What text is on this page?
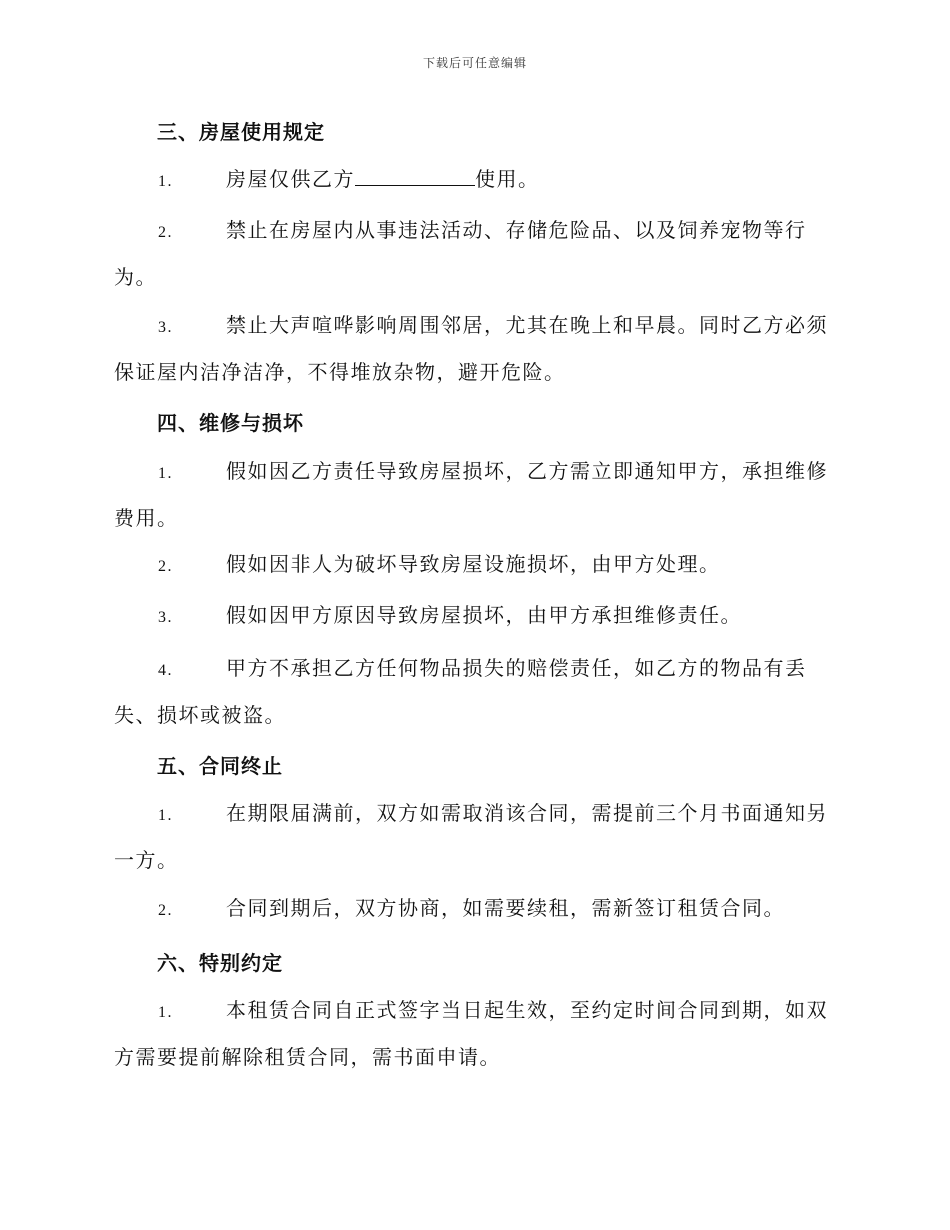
下载后可任意编辑
三、房屋使用规定
1.	房屋仅供乙方	使用。
2.	禁止在房屋内从事违法活动、存储危险品、以及饲养宠物等行为。
3.	禁止大声喧哗影响周围邻居，尤其在晚上和早晨。同时乙方必须保证屋内洁净洁净，不得堆放杂物，避开危险。
四、维修与损坏
1.	假如因乙方责任导致房屋损坏，乙方需立即通知甲方，承担维修费用。
2.	假如因非人为破坏导致房屋设施损坏，由甲方处理。
3.	假如因甲方原因导致房屋损坏，由甲方承担维修责任。
4.	甲方不承担乙方任何物品损失的赔偿责任，如乙方的物品有丢失、损坏或被盗。
五、合同终止
1.	在期限届满前，双方如需取消该合同，需提前三个月书面通知另一方。
2.	合同到期后，双方协商，如需要续租，需新签订租赁合同。
六、特别约定
1.	本租赁合同自正式签字当日起生效，至约定时间合同到期，如双方需要提前解除租赁合同，需书面申请。
